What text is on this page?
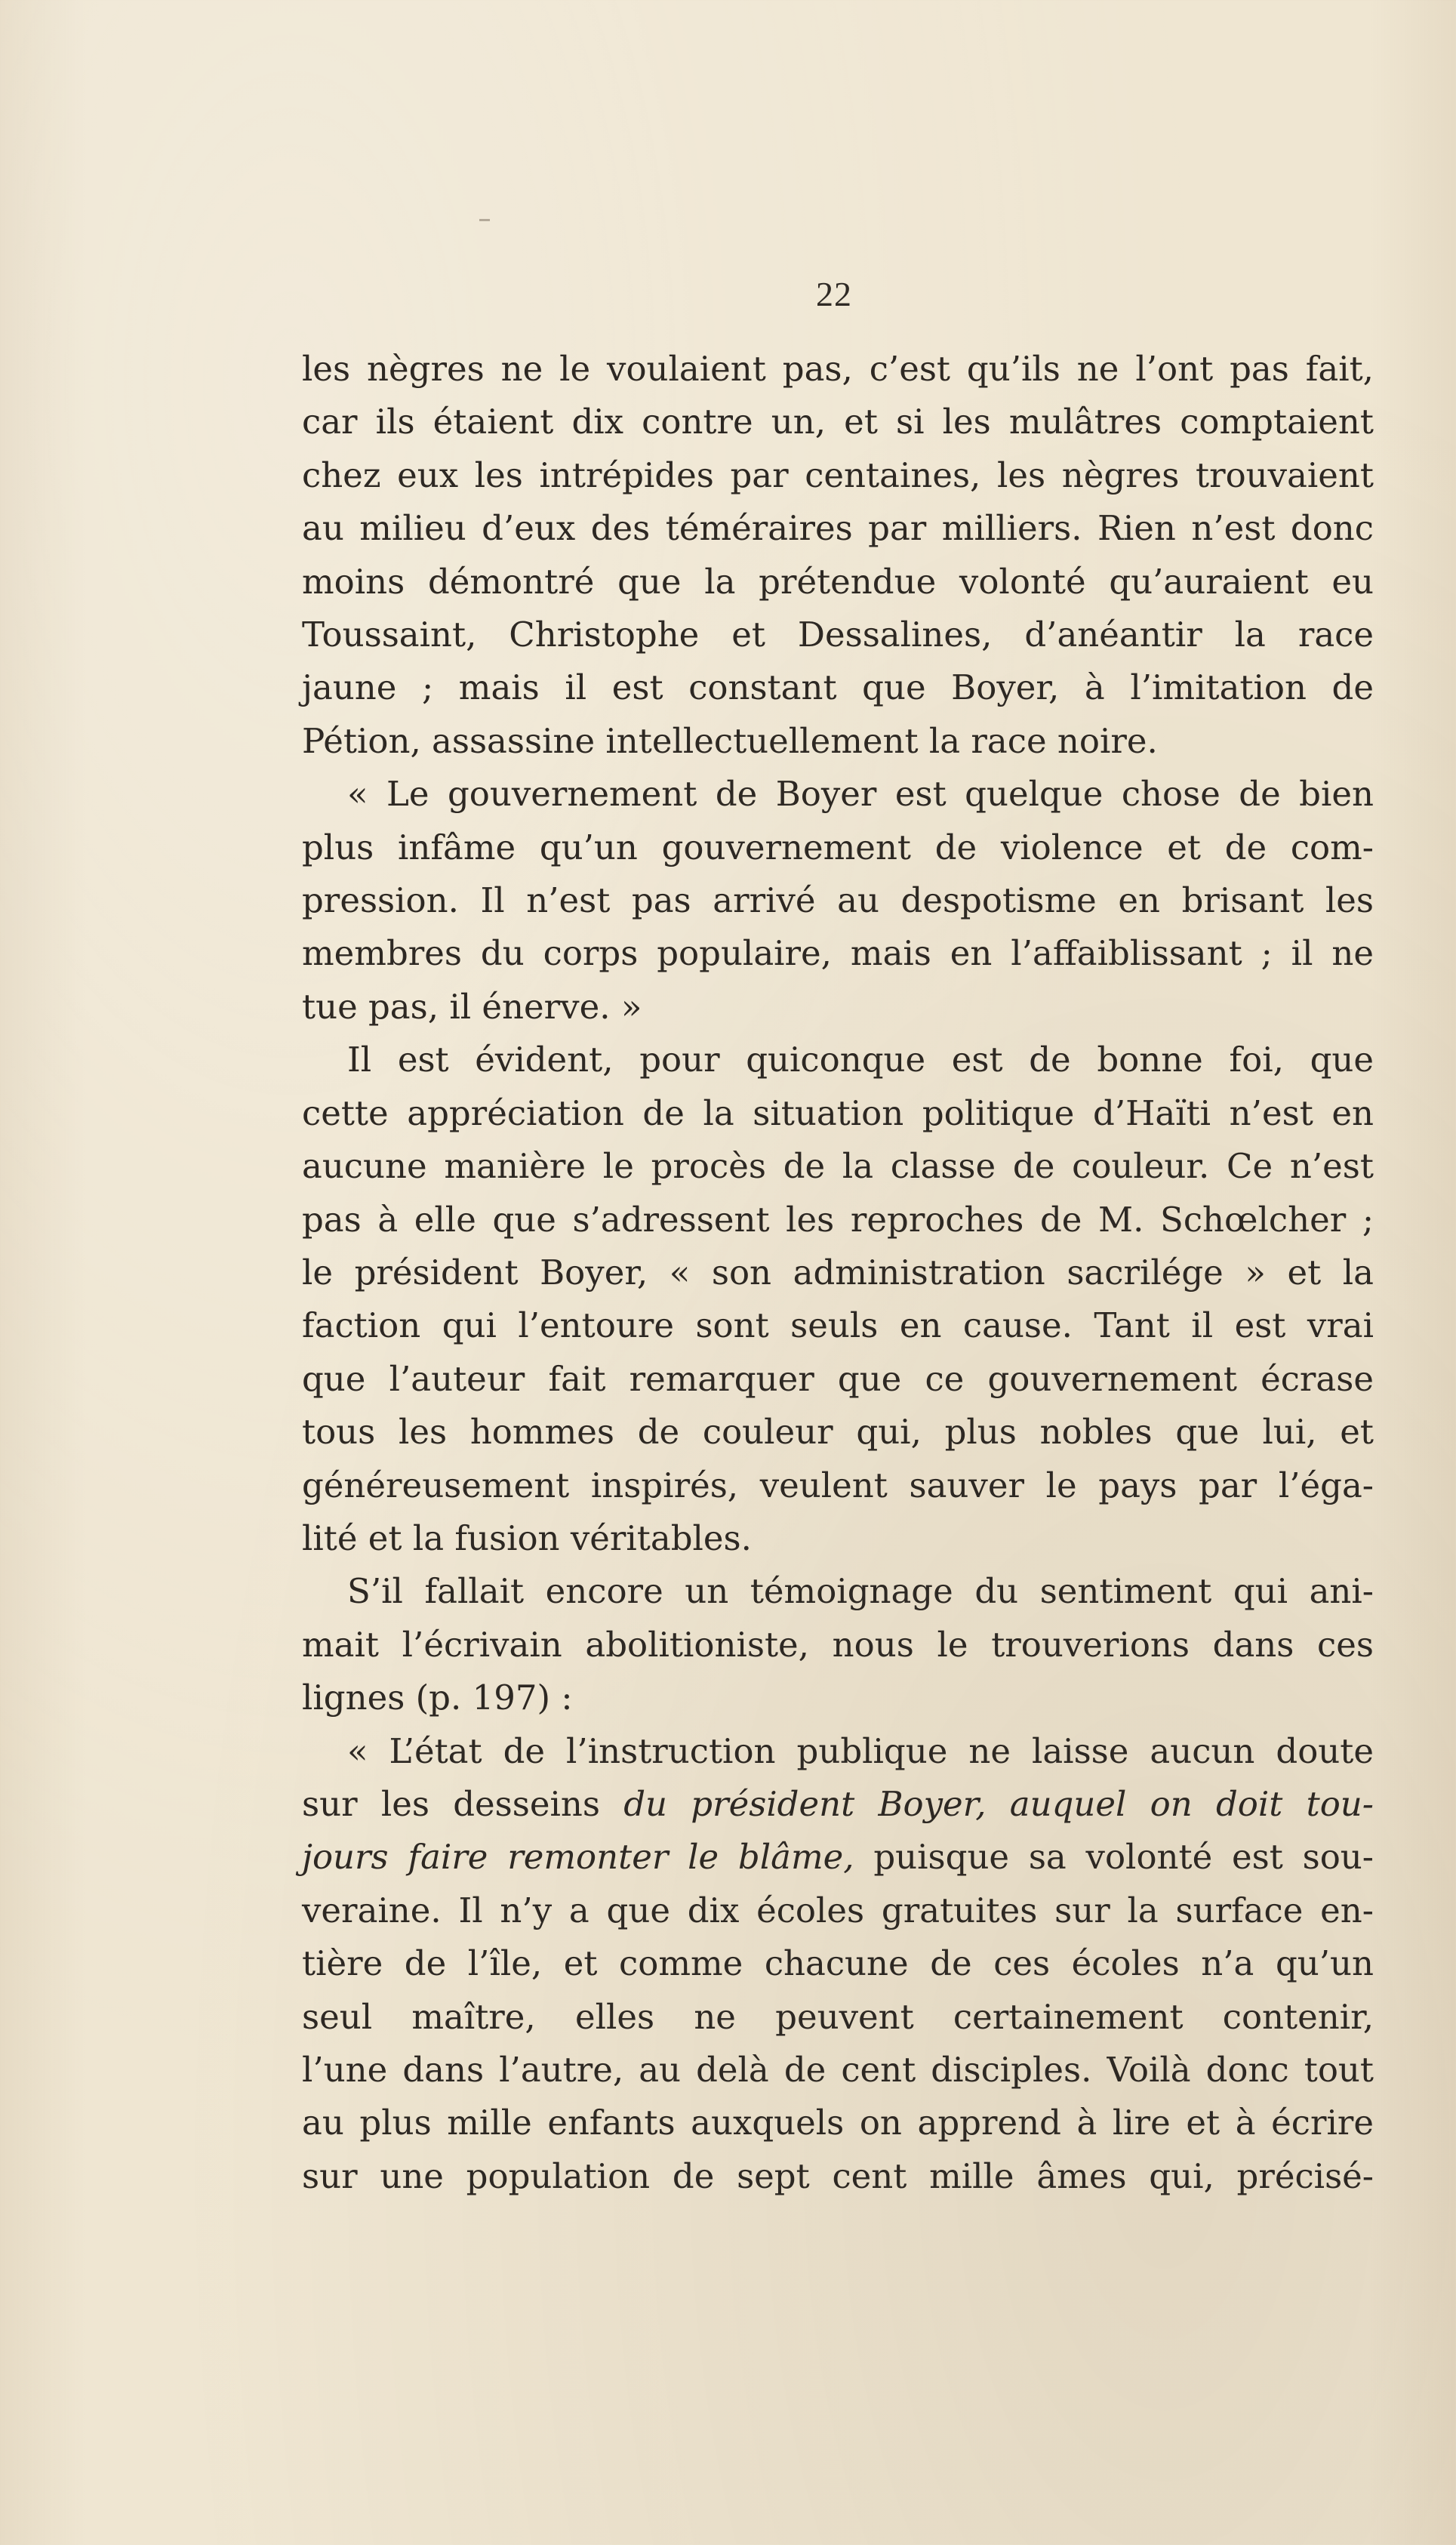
22

les nègres ne le voulaient pas, c’est qu’ils ne l’ont pas fait,
car ils étaient dix contre un, et si les mulâtres comptaient
chez eux les intrépides par centaines, les nègres trouvaient
au milieu d’eux des téméraires par milliers. Rien n’est donc
moins démontré que la prétendue volonté qu’auraient eu
Toussaint, Christophe et Dessalines, d’anéantir la race
jaune ; mais il est constant que Boyer, à l’imitation de
Pétion, assassine intellectuellement la race noire.
« Le gouvernement de Boyer est quelque chose de bien
plus infâme qu’un gouvernement de violence et de com-
pression. Il n’est pas arrivé au despotisme en brisant les
membres du corps populaire, mais en l’affaiblissant ; il ne
tue pas, il énerve. »
Il est évident, pour quiconque est de bonne foi, que
cette appréciation de la situation politique d’Haïti n’est en
aucune manière le procès de la classe de couleur. Ce n’est
pas à elle que s’adressent les reproches de M. Schœlcher ;
le président Boyer, « son administration sacrilége » et la
faction qui l’entoure sont seuls en cause. Tant il est vrai
que l’auteur fait remarquer que ce gouvernement écrase
tous les hommes de couleur qui, plus nobles que lui, et
généreusement inspirés, veulent sauver le pays par l’éga-
lité et la fusion véritables.
S’il fallait encore un témoignage du sentiment qui ani-
mait l’écrivain abolitioniste, nous le trouverions dans ces
lignes (p. 197) :
« L’état de l’instruction publique ne laisse aucun doute
sur les desseins du président Boyer, auquel on doit tou-
jours faire remonter le blâme, puisque sa volonté est sou-
veraine. Il n’y a que dix écoles gratuites sur la surface en-
tière de l’île, et comme chacune de ces écoles n’a qu’un
seul maître, elles ne peuvent certainement contenir,
l’une dans l’autre, au delà de cent disciples. Voilà donc tout
au plus mille enfants auxquels on apprend à lire et à écrire
sur une population de sept cent mille âmes qui, précisé-
